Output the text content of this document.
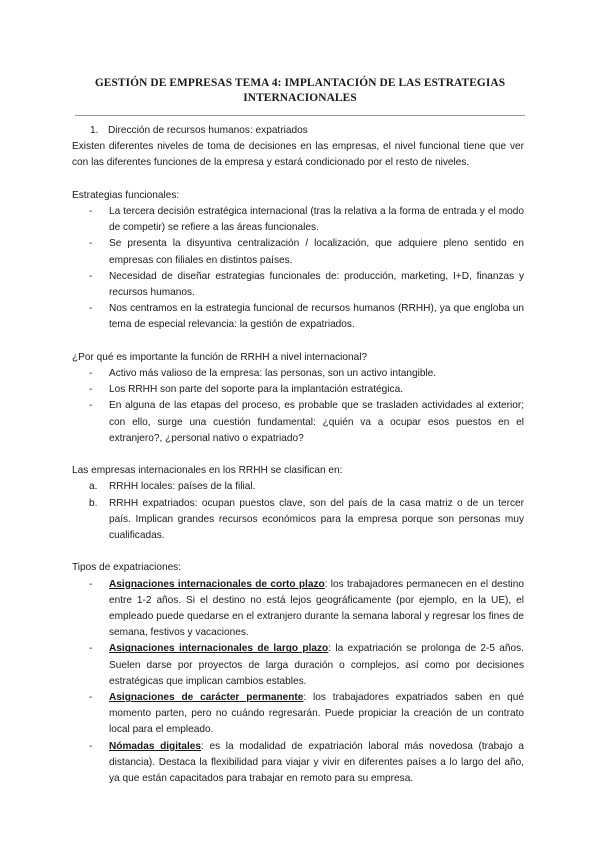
GESTIÓN DE EMPRESAS TEMA 4: IMPLANTACIÓN DE LAS ESTRATEGIAS INTERNACIONALES

1. Dirección de recursos humanos: expatriados

Existen diferentes niveles de toma de decisiones en las empresas, el nivel funcional tiene que ver con las diferentes funciones de la empresa y estará condicionado por el resto de niveles.

Estrategias funcionales:

- La tercera decisión estratégica internacional (tras la relativa a la forma de entrada y el modo de competir) se refiere a las áreas funcionales.
- Se presenta la disyuntiva centralización / localización, que adquiere pleno sentido en empresas con filiales en distintos países.
- Necesidad de diseñar estrategias funcionales de: producción, marketing, I+D, finanzas y recursos humanos.
- Nos centramos en la estrategia funcional de recursos humanos (RRHH), ya que engloba un tema de especial relevancia: la gestión de expatriados.

¿Por qué es importante la función de RRHH a nivel internacional?

- Activo más valioso de la empresa: las personas, son un activo intangible.
- Los RRHH son parte del soporte para la implantación estratégica.
- En alguna de las etapas del proceso, es probable que se trasladen actividades al exterior; con ello, surge una cuestión fundamental: ¿quién va a ocupar esos puestos en el extranjero?, ¿personal nativo o expatriado?

Las empresas internacionales en los RRHH se clasifican en:

a. RRHH locales: países de la filial.
b. RRHH expatriados: ocupan puestos clave, son del país de la casa matriz o de un tercer país. Implican grandes recursos económicos para la empresa porque son personas muy cualificadas.

Tipos de expatriaciones:

- Asignaciones internacionales de corto plazo: los trabajadores permanecen en el destino entre 1-2 años. Si el destino no está lejos geográficamente (por ejemplo, en la UE), el empleado puede quedarse en el extranjero durante la semana laboral y regresar los fines de semana, festivos y vacaciones.
- Asignaciones internacionales de largo plazo: la expatriación se prolonga de 2-5 años. Suelen darse por proyectos de larga duración o complejos, así como por decisiones estratégicas que implican cambios estables.
- Asignaciones de carácter permanente: los trabajadores expatriados saben en qué momento parten, pero no cuándo regresarán. Puede propiciar la creación de un contrato local para el empleado.
- Nómadas digitales: es la modalidad de expatriación laboral más novedosa (trabajo a distancia). Destaca la flexibilidad para viajar y vivir en diferentes países a lo largo del año, ya que están capacitados para trabajar en remoto para su empresa.
